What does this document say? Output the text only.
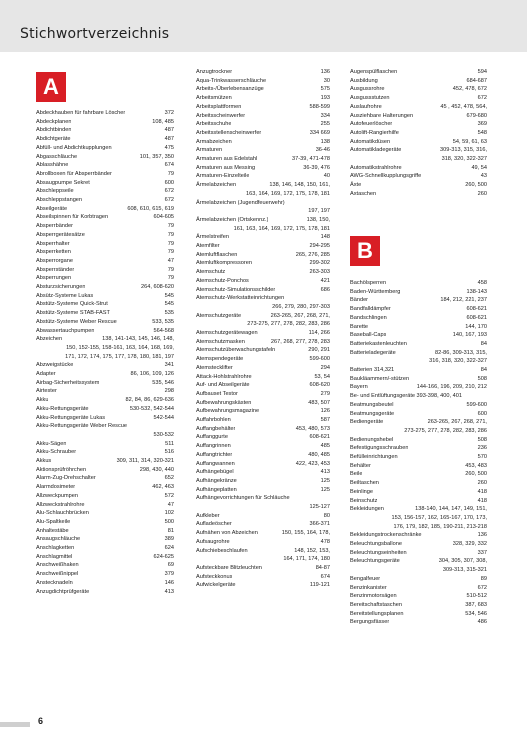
Stichwortverzeichnis
A
B
Abdeckhauben für fahrbare Löscher	372
Abdeckplanen	108, 485
Abdichtbinden	487
Abdichtgeräte	487
Abfüll- und Abdichtkupplungen	475
Abgasschläuche	101, 357, 350
Ablasshähne	674
Abrollboxen für Absperrbänder	79
Absaugpumpe Sekret	600
Abschleppseile	672
Abschleppstangen	672
Abseilgeräte	608, 610, 615, 619
Abseilspinnen für Korbtragen	604-605
Absperrbänder	79
Absperrgerätesätze	79
Absperrhalter	79
Absperrketten	79
Absperrorgane	47
Absperrständer	79
Absperrungen	79
Absturzsicherungen	264, 608-620
Absütz-Systeme Lukas	545
Abstütz-Systeme Quick-Strut	545
Abstütz-Systeme STAB-FAST	535
Abstütz-Systeme Weber Rescue	533, 535
Abwassertauchpumpen	564-568
Abzeichen	138, 141-143, 145, 146, 148,
150, 152-155, 158-161, 163, 164, 168, 169,
171, 172, 174, 175, 177, 178, 180, 181, 197
Abzweigstücke	341
Adapter	86, 106, 109, 126
Airbag-Sicherheitssystem	535, 546
Airtester	298
Akku	82, 84, 86, 629-636
Akku-Rettungsgeräte	530-532, 542-544
Akku-Rettungsgeräte Lukas	542-544
Akku-Rettungsgeräte Weber Rescue
530-532
Akku-Sägen	511
Akku-Schrauber	516
Akkus	309, 311, 314, 320-321
Aktionsprüfröhrchen	298, 430, 440
Alarm-Zug-Drehschalter	652
Alarmdosimeter	462, 463
Allzweckpumpen	572
Allzweckstrahlrohre	47
Alu-Schlauchbrücken	102
Alu-Spaltkeile	500
Anhaltestäbe	81
Ansaugschläuche	389
Anschlagketten	624
Anschlagmittel	624-625
Anschweißhaken	69
Anschweißnippel	379
Anstecknadeln	146
Anzugdichtprüfgeräte	413
Anzugtrockner	136
Aqua-Trinkwasserschläuche	30
Arbeits-/Überlebensanzüge	575
Arbeitsmützen	193
Arbeitsplattformen	588-599
Arbeitsscheinwerfer	334
Arbeitsschuhe	255
Arbeitsstellenscheinwerfer	334 669
Armabzeichen	138
Armaturen	36-46
Armaturen aus Edelstahl	37-39, 471-478
Armaturen aus Messing	36-39, 476
Armaturen-Einzelteile	40
Ärmelabzeichen	138, 146, 148, 150, 161,
163, 164, 169, 172, 175, 178, 181
Ärmelabzeichen (Jugendfeuerwehr)
197, 197
Ärmelabzeichen (Ortskennz.)	138, 150,
161, 163, 164, 169, 172, 175, 178, 181
Ärmelstreifen	148
Atemfilter	294-295
Atemluftflaschen	265, 276, 285
Atemluftkompressoren	299-302
Atemschutz	263-303
Atemschutz-Ponchos	421
Atemschutz-Simulationsschilder	686
Atemschutz-Werkstatteinrichtungen
266, 279, 280, 297-303
Atemschutzgeräte	263-265, 267, 268, 271,
273-275, 277, 278, 282, 283, 286
Atemschutzgerätewagen	114, 266
Atemschutzmasken	267, 268, 277, 278, 283
Atemschutzüberwachungstafeln	290, 291
Atemspendegeräte	599-600
Atemstecklifter	294
Attack-Hohlstrahlrohre	53, 54
Auf- und Abseilgeräte	608-620
Aufbauset Testor	279
Aufbewahrungskästen	483, 507
Aufbewahrungsmagazine	126
Auffahrbohlen	587
Auffangbehälter	453, 480, 573
Auffanggurte	608-621
Auffangrinnen	485
Auffangtrichter	480, 485
Auffangwannen	422, 423, 453
Aufhängebügel	413
Aufhängekränze	125
Aufhängeplatten	125
Aufhängevorrichtungen für Schläuche
125-127
Aufkleber	80
Aufladeöscher	366-371
Aufnähen von Abzeichen	150, 155, 164, 178,
Aufsaugrohre	478
Aufschiebeschlaufen	148, 152, 153,
164, 171, 174, 180
Aufsteckbare Blitzleuchten	84-87
Aufsteckkonus	674
Aufwickelgeräte	119-121
Augenspülflaschen	594
Ausbildung	684-687
Ausgussrohre	452, 478, 672
Ausgussstutzen	672
Auslaufrohre	45 , 452, 478, 564,
Ausziehbare Halterungen	679-680
Autofeuerlöscher	369
Autolift-Rangierhilfe	548
Automatikdüsen	54, 59, 61, 63
Automatikladegeräte	309-313, 315, 316,
318, 320, 322-327
Automatikstrahlrohre	49, 54
AWG-Schnellkupplungsgriffe	43
Äxte	260, 500
Axtaschen	260
Bachölsperren	458
Baden-Württemberg	138-143
Bänder	184, 212, 221, 237
Bandfalldämpfer	608-621
Bandschlingen	608-621
Barette	144, 170
Baseball-Caps	140, 167, 193
Batteriekastenleuchten	84
Batterieladegeräte	82-86, 309-313, 315,
316, 318, 320, 322-327
Batterien 314,321	84
Baukläammern/-stützen	508
Bayern	144-166, 196, 209, 210, 212
Be- und Entlüftungsgeräte 393-398, 400, 401
Beatmungsbeutel	599-600
Beatmungsgeräte	600
Bediengeräte	263-265, 267, 268, 271,
273-275, 277, 278, 282, 283, 286
Bedienungshebel	508
Befestigungsschrauben	236
Befülleinrichtungen	570
Behälter	453, 483
Beile	260, 500
Beiltaschen	260
Beinlinge	418
Beinschutz	418
Bekleidungen	138-140, 144, 147, 149, 151,
153, 156-157, 162, 165-167, 170, 173,
176, 179, 182, 185, 190-211, 213-218
Bekleidungstrockenschränke	136
Beleuchtungsballone	328, 329, 332
Beleuchtungseinheiten	337
Beleuchtungsgeräte	304, 305, 307, 308,
309-313, 315-321
Bengalfeuer	89
Benzinkanister	672
Benzinmotorsägen	510-512
Bereitschaftstaschen	387, 683
Bereitstellungsplanen	534, 546
Bergungsfässer	486
6
